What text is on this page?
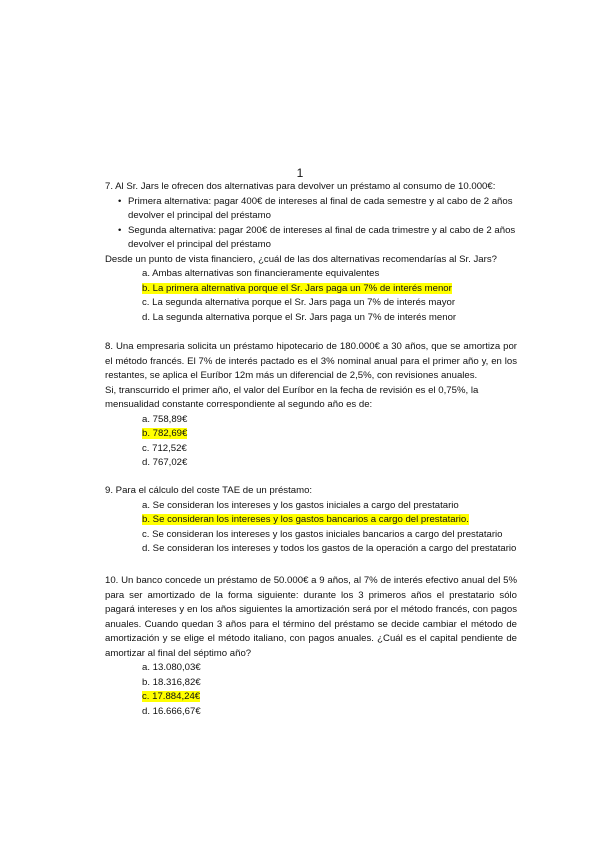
1

7. Al Sr. Jars le ofrecen dos alternativas para devolver un préstamo al consumo de 10.000€:

• Primera alternativa: pagar 400€ de intereses al final de cada semestre y al cabo de 2 años devolver el principal del préstamo
• Segunda alternativa: pagar 200€ de intereses al final de cada trimestre y al cabo de 2 años devolver el principal del préstamo

Desde un punto de vista financiero, ¿cuál de las dos alternativas recomendarías al Sr. Jars?

a. Ambas alternativas son financieramente equivalentes
b. La primera alternativa porque el Sr. Jars paga un 7% de interés menor
c. La segunda alternativa porque el Sr. Jars paga un 7% de interés mayor
d. La segunda alternativa porque el Sr. Jars paga un 7% de interés menor

8. Una empresaria solicita un préstamo hipotecario de 180.000€ a 30 años, que se amortiza por el método francés. El 7% de interés pactado es el 3% nominal anual para el primer año y, en los restantes, se aplica el Euríbor 12m más un diferencial de 2,5%, con revisiones anuales.

Si, transcurrido el primer año, el valor del Euríbor en la fecha de revisión es el 0,75%, la mensualidad constante correspondiente al segundo año es de:

a. 758,89€
b. 782,69€
c. 712,52€
d. 767,02€

9. Para el cálculo del coste TAE de un préstamo:

a. Se consideran los intereses y los gastos iniciales a cargo del prestatario
b. Se consideran los intereses y los gastos bancarios a cargo del prestatario.
c. Se consideran los intereses y los gastos iniciales bancarios a cargo del prestatario
d. Se consideran los intereses y todos los gastos de la operación a cargo del prestatario

10. Un banco concede un préstamo de 50.000€ a 9 años, al 7% de interés efectivo anual del 5% para ser amortizado de la forma siguiente: durante los 3 primeros años el prestatario sólo pagará intereses y en los años siguientes la amortización será por el método francés, con pagos anuales. Cuando quedan 3 años para el término del préstamo se decide cambiar el método de amortización y se elige el método italiano, con pagos anuales. ¿Cuál es el capital pendiente de amortizar al final del séptimo año?

a. 13.080,03€
b. 18.316,82€
c. 17.884,24€
d. 16.666,67€
